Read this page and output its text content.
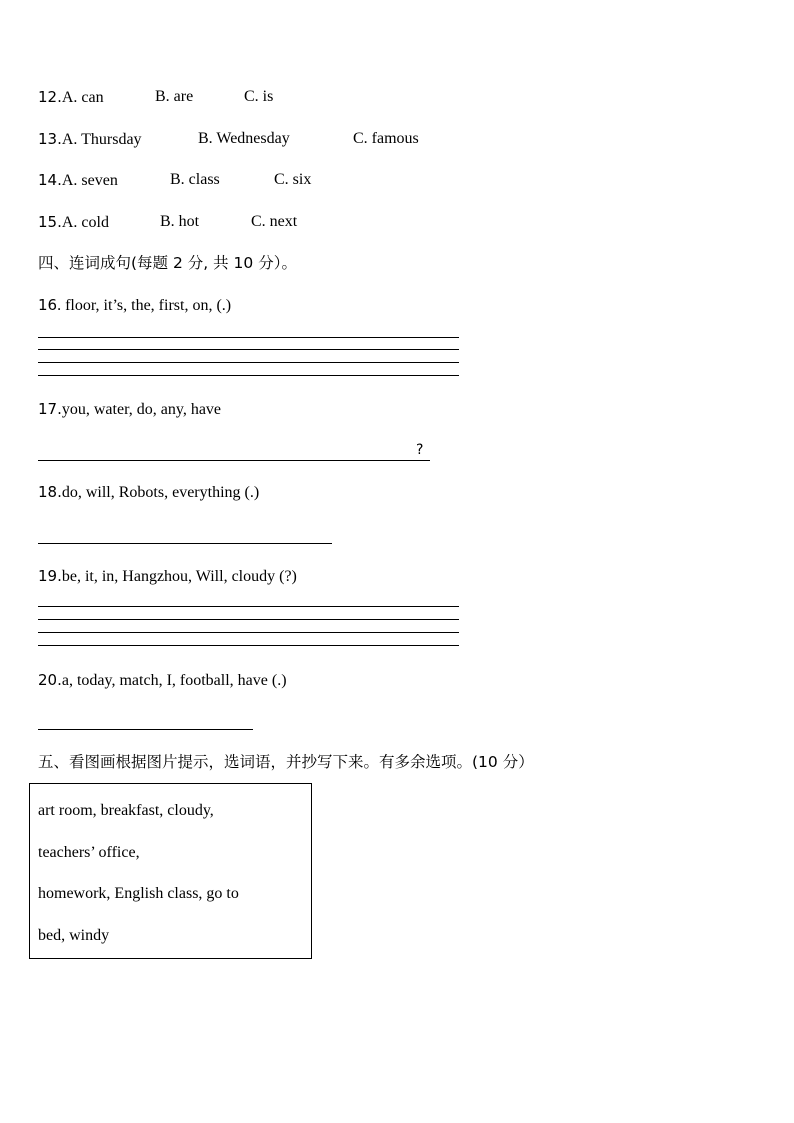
12.A. can	B. are	C. is
13.A. Thursday	B. Wednesday	C. famous
14.A. seven	B. class	C. six
15.A. cold	B. hot	C. next
四、连词成句(每题 2 分, 共 10 分）。
16. floor, it’s, the, first, on, (.)
17.you, water, do, any, have
?
18.do, will, Robots, everything (.)
19.be, it, in, Hangzhou, Will, cloudy (?)
20.a, today, match, I, football, have (.)
五、看图画根据图片提示，选词语，并抄写下来。有多余选项。(10 分）
art room, breakfast, cloudy,
teachers’ office,
homework, English class, go to
bed, windy
